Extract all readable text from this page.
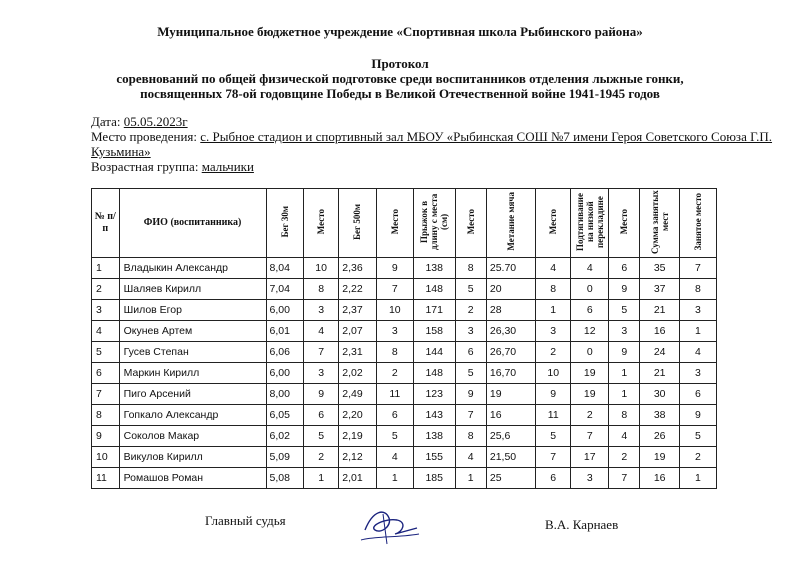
Муниципальное бюджетное учреждение «Спортивная школа Рыбинского района»
Протокол
соревнований по общей физической подготовке среди воспитанников отделения лыжные гонки,
посвященных 78-ой годовщине Победы в Великой Отечественной войне 1941-1945 годов
Дата: 05.05.2023г
Место проведения: с. Рыбное стадион и спортивный зал МБОУ «Рыбинская СОШ №7 имени Героя Советского Союза Г.П. Кузьмина»
Возрастная группа: мальчики
№ п/п	ФИО (воспитанника)	Бег 30м	Место	Бег 500м	Место	Прыжок в длину с места (см)	Место	Метание мяча	Место	Подтягивание на низкой перекладине	Место	Сумма занятых мест	Занятое место
1	Владыкин Александр	8,04	10	2,36	9	138	8	25.70	4	4	6	35	7
2	Шаляев Кирилл	7,04	8	2,22	7	148	5	20	8	0	9	37	8
3	Шилов Егор	6,00	3	2,37	10	171	2	28	1	6	5	21	3
4	Окунев Артем	6,01	4	2,07	3	158	3	26,30	3	12	3	16	1
5	Гусев Степан	6,06	7	2,31	8	144	6	26,70	2	0	9	24	4
6	Маркин Кирилл	6,00	3	2,02	2	148	5	16,70	10	19	1	21	3
7	Пиго Арсений	8,00	9	2,49	11	123	9	19	9	19	1	30	6
8	Гопкало Александр	6,05	6	2,20	6	143	7	16	11	2	8	38	9
9	Соколов Макар	6,02	5	2,19	5	138	8	25,6	5	7	4	26	5
10	Викулов Кирилл	5,09	2	2,12	4	155	4	21,50	7	17	2	19	2
11	Ромашов Роман	5,08	1	2,01	1	185	1	25	6	3	7	16	1
Главный судья	В.А. Карнаев
